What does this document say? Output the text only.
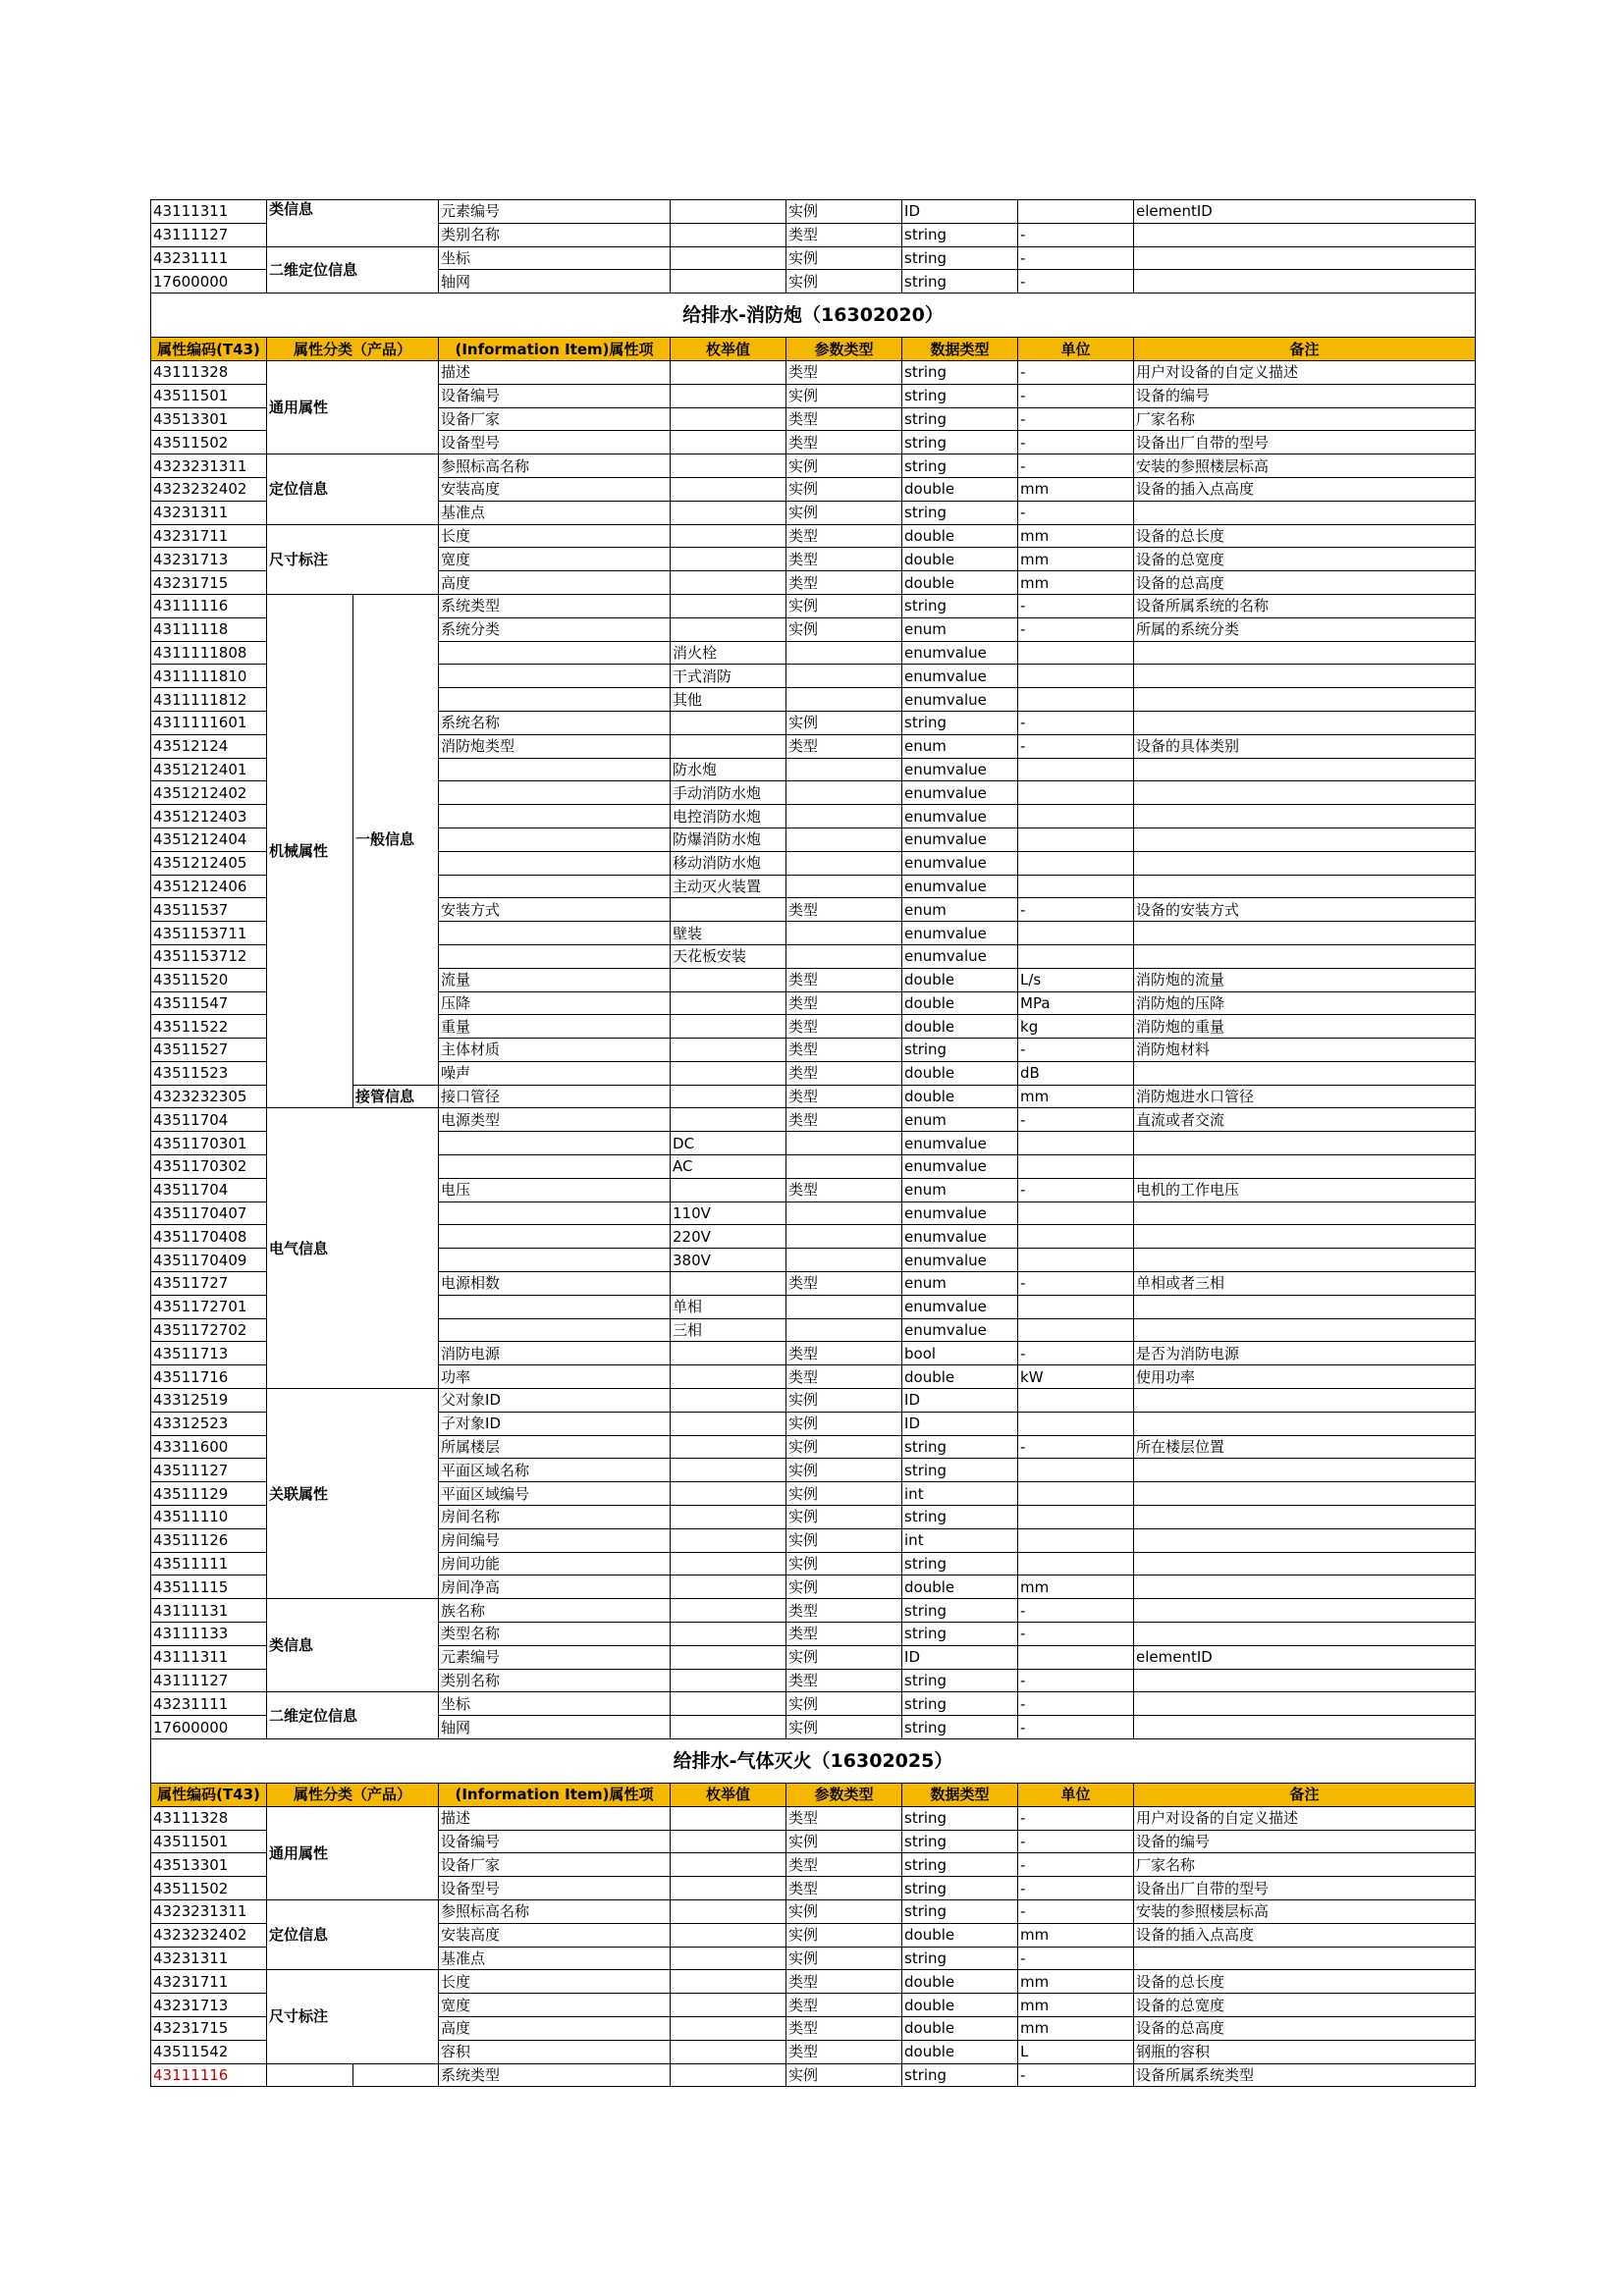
43111311	类信息		元素编号		实例	ID		elementID
43111127			类别名称		类型	string	-	
43231111	二维定位信息		坐标		实例	string	-	
17600000			轴网		实例	string	-	
给排水-消防炮（16302020）								
属性编码(T43)	属性分类（产品）		(Information Item)属性项	枚举值	参数类型	数据类型	单位	备注
43111328	通用属性		描述		类型	string	-	用户对设备的自定义描述
43511501			设备编号		实例	string	-	设备的编号
43513301			设备厂家		类型	string	-	厂家名称
43511502			设备型号		类型	string	-	设备出厂自带的型号
4323231311	定位信息		参照标高名称		实例	string	-	安装的参照楼层标高
4323232402			安装高度		实例	double	mm	设备的插入点高度
43231311			基准点		实例	string	-	
43231711	尺寸标注		长度		类型	double	mm	设备的总长度
43231713			宽度		类型	double	mm	设备的总宽度
43231715			高度		类型	double	mm	设备的总高度
43111116	机械属性	一般信息	系统类型		实例	string	-	设备所属系统的名称
43111118			系统分类		实例	enum	-	所属的系统分类
4311111808				消火栓		enumvalue		
4311111810				干式消防		enumvalue		
4311111812				其他		enumvalue		
4311111601			系统名称		实例	string	-	
43512124			消防炮类型		类型	enum	-	设备的具体类别
4351212401				防水炮		enumvalue		
4351212402				手动消防水炮		enumvalue		
4351212403				电控消防水炮		enumvalue		
4351212404				防爆消防水炮		enumvalue		
4351212405				移动消防水炮		enumvalue		
4351212406				主动灭火装置		enumvalue		
43511537			安装方式		类型	enum	-	设备的安装方式
4351153711				壁装		enumvalue		
4351153712				天花板安装		enumvalue		
43511520			流量		类型	double	L/s	消防炮的流量
43511547			压降		类型	double	MPa	消防炮的压降
43511522			重量		类型	double	kg	消防炮的重量
43511527			主体材质		类型	string	-	消防炮材料
43511523			噪声		类型	double	dB	
4323232305		接管信息	接口管径		类型	double	mm	消防炮进水口管径
43511704	电气信息		电源类型		类型	enum	-	直流或者交流
4351170301				DC		enumvalue		
4351170302				AC		enumvalue		
43511704			电压		类型	enum	-	电机的工作电压
4351170407				110V		enumvalue		
4351170408				220V		enumvalue		
4351170409				380V		enumvalue		
43511727			电源相数		类型	enum	-	单相或者三相
4351172701				单相		enumvalue		
4351172702				三相		enumvalue		
43511713			消防电源		类型	bool	-	是否为消防电源
43511716			功率		类型	double	kW	使用功率
43312519	关联属性		父对象ID		实例	ID		
43312523			子对象ID		实例	ID		
43311600			所属楼层		实例	string	-	所在楼层位置
43511127			平面区域名称		实例	string		
43511129			平面区域编号		实例	int		
43511110			房间名称		实例	string		
43511126			房间编号		实例	int		
43511111			房间功能		实例	string		
43511115			房间净高		实例	double	mm	
43111131	类信息		族名称		类型	string	-	
43111133			类型名称		类型	string	-	
43111311			元素编号		实例	ID		elementID
43111127			类别名称		类型	string	-	
43231111	二维定位信息		坐标		实例	string	-	
17600000			轴网		实例	string	-	
给排水-气体灭火（16302025）								
属性编码(T43)	属性分类（产品）		(Information Item)属性项	枚举值	参数类型	数据类型	单位	备注
43111328	通用属性		描述		类型	string	-	用户对设备的自定义描述
43511501			设备编号		实例	string	-	设备的编号
43513301			设备厂家		类型	string	-	厂家名称
43511502			设备型号		类型	string	-	设备出厂自带的型号
4323231311	定位信息		参照标高名称		实例	string	-	安装的参照楼层标高
4323232402			安装高度		实例	double	mm	设备的插入点高度
43231311			基准点		实例	string	-	
43231711	尺寸标注		长度		类型	double	mm	设备的总长度
43231713			宽度		类型	double	mm	设备的总宽度
43231715			高度		类型	double	mm	设备的总高度
43511542			容积		类型	double	L	钢瓶的容积
43111116			系统类型		实例	string	-	设备所属系统类型
